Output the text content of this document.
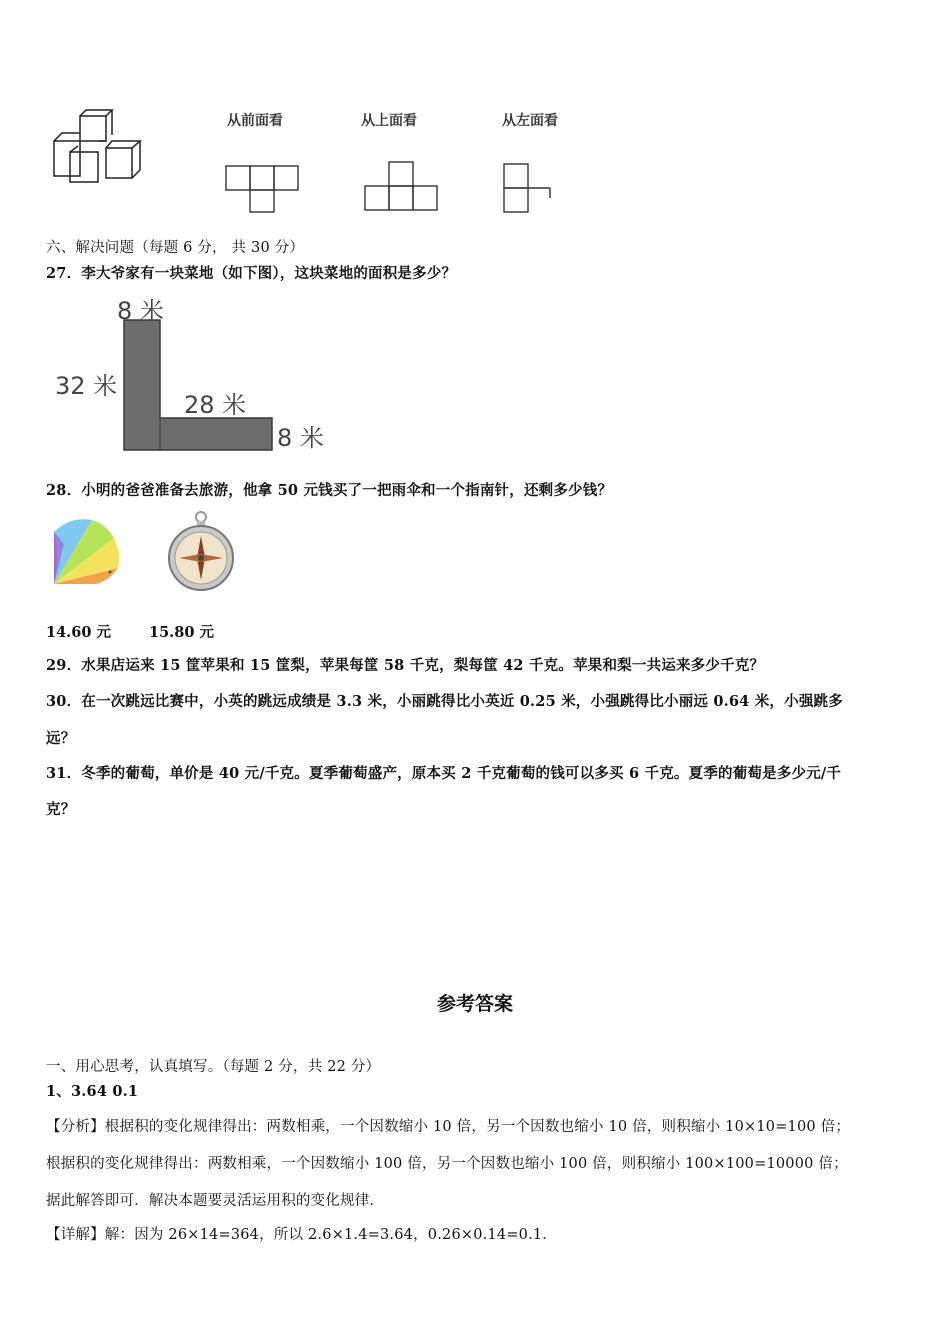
从前面看	从上面看	从左面看
六、解决问题（每题 6 分， 共 30 分）
27．李大爷家有一块菜地（如下图），这块菜地的面积是多少？
8 米
32 米
28 米
8 米
28．小明的爸爸准备去旅游，他拿 50 元钱买了一把雨伞和一个指南针，还剩多少钱？
14.60 元	15.80 元
29．水果店运来 15 筐苹果和 15 筐梨，苹果每筐 58 千克，梨每筐 42 千克。苹果和梨一共运来多少千克？
30．在一次跳远比赛中，小英的跳远成绩是 3.3 米，小丽跳得比小英近 0.25 米，小强跳得比小丽远 0.64 米，小强跳多
远？
31．冬季的葡萄，单价是 40 元/千克。夏季葡萄盛产，原本买 2 千克葡萄的钱可以多买 6 千克。夏季的葡萄是多少元/千
克？
参考答案
一、用心思考，认真填写。（每题 2 分，共 22 分）
1、3.64 0.1
【分析】根据积的变化规律得出：两数相乘，一个因数缩小 10 倍，另一个因数也缩小 10 倍，则积缩小 10×10=100 倍；
根据积的变化规律得出：两数相乘，一个因数缩小 100 倍，另一个因数也缩小 100 倍，则积缩小 100×100=10000 倍；
据此解答即可．解决本题要灵活运用积的变化规律．
【详解】解：因为 26×14=364，所以 2.6×1.4=3.64，0.26×0.14=0.1．
